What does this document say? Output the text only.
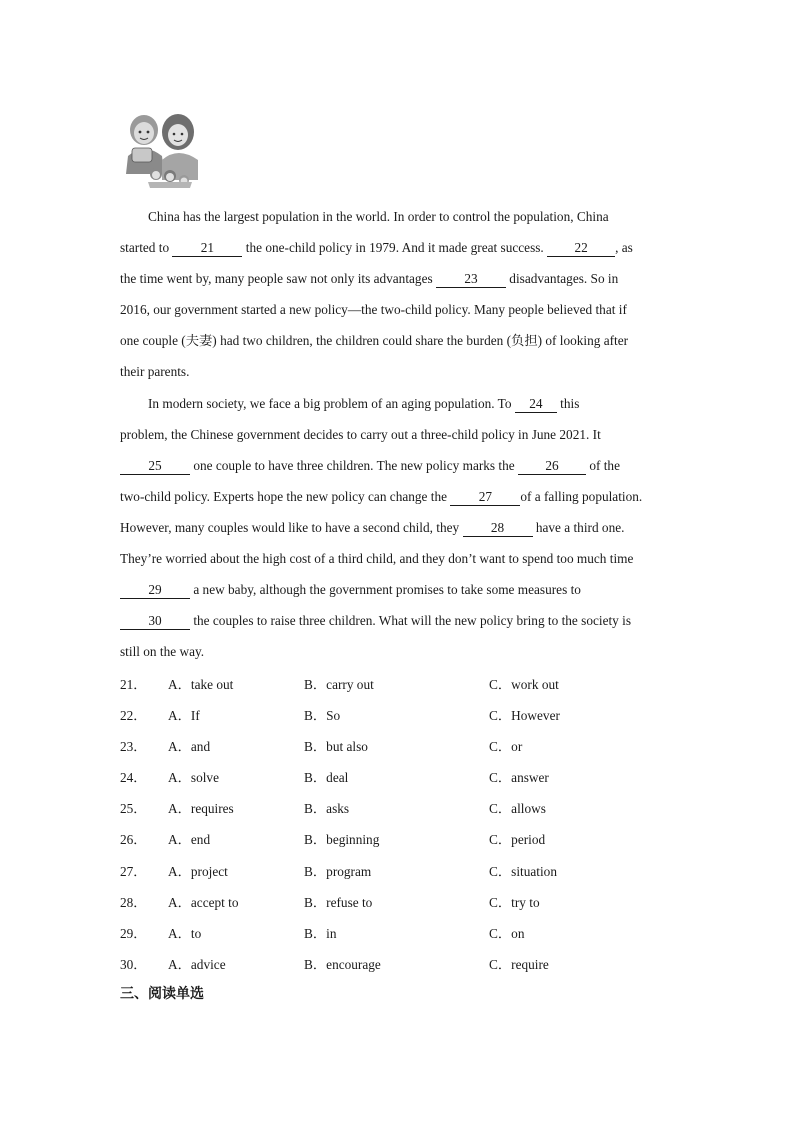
China has the largest population in the world. In order to control the population, China
started to 21 the one-child policy in 1979. And it made great success. 22 , as
the time went by, many people saw not only its advantages 23 disadvantages. So in
2016, our government started a new policy—the two-child policy. Many people believed that if
one couple (夫妻) had two children, the children could share the burden (负担) of looking after
their parents.
In modern society, we face a big problem of an aging population. To 24 this
problem, the Chinese government decides to carry out a three-child policy in June 2021. It
25 one couple to have three children. The new policy marks the 26 of the
two-child policy. Experts hope the new policy can change the 27 of a falling population.
However, many couples would like to have a second child, they 28 have a third one.
They’re worried about the high cost of a third child, and they don’t want to spend too much time
29 a new baby, although the government promises to take some measures to
30 the couples to raise three children. What will the new policy bring to the society is
still on the way.
21． A．take out	B．carry out	C．work out
22． A．If	B．So	C．However
23． A．and	B．but also	C．or
24． A．solve	B．deal	C．answer
25． A．requires	B．asks	C．allows
26． A．end	B．beginning	C．period
27． A．project	B．program	C．situation
28． A．accept to	B．refuse to	C．try to
29． A．to	B．in	C．on
30． A．advice	B．encourage	C．require
三、阅读单选
